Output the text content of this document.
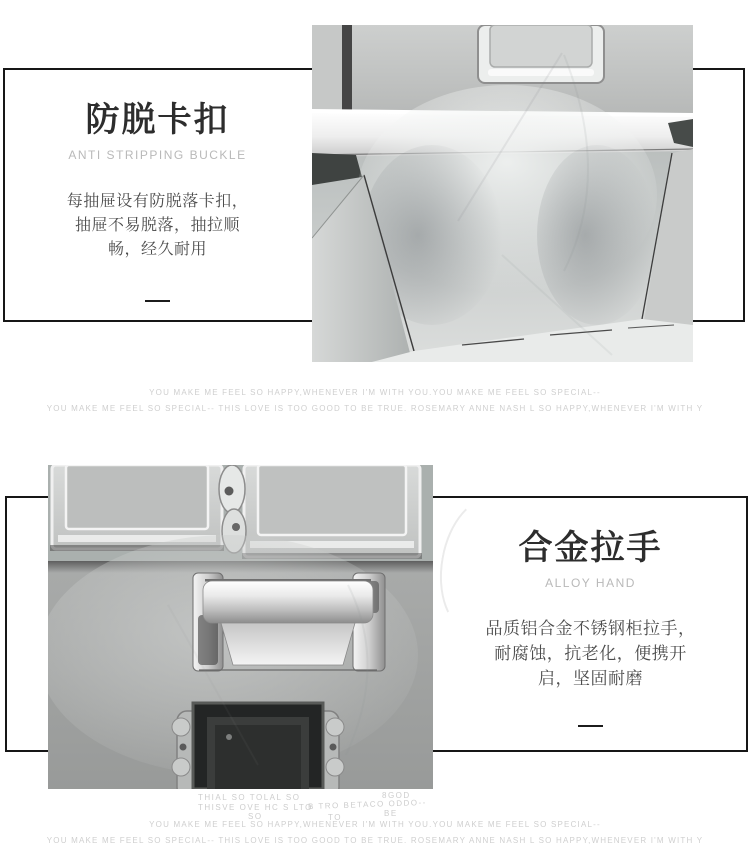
防脱卡扣
ANTI STRIPPING BUCKLE
每抽屉设有防脱落卡扣，
抽屉不易脱落，抽拉顺
畅，经久耐用
YOU MAKE ME FEEL SO HAPPY,WHENEVER I'M WITH YOU.YOU MAKE ME FEEL SO SPECIAL--
YOU MAKE ME FEEL SO SPECIAL-- THIS LOVE IS TOO GOOD TO BE TRUE. ROSEMARY ANNE NASH L SO HAPPY,WHENEVER I'M WITH Y
合金拉手
ALLOY HAND
品质铝合金不锈钢柜拉手，
耐腐蚀，抗老化，便携开
启，坚固耐磨
THIAL SO TOLAL SO	8GOD
THISVE OVE HC S LTO
B TRO BETACO ODDO--
SO	TO	BE
YOU MAKE ME FEEL SO HAPPY,WHENEVER I'M WITH YOU.YOU MAKE ME FEEL SO SPECIAL--
YOU MAKE ME FEEL SO SPECIAL-- THIS LOVE IS TOO GOOD TO BE TRUE. ROSEMARY ANNE NASH L SO HAPPY,WHENEVER I'M WITH Y
